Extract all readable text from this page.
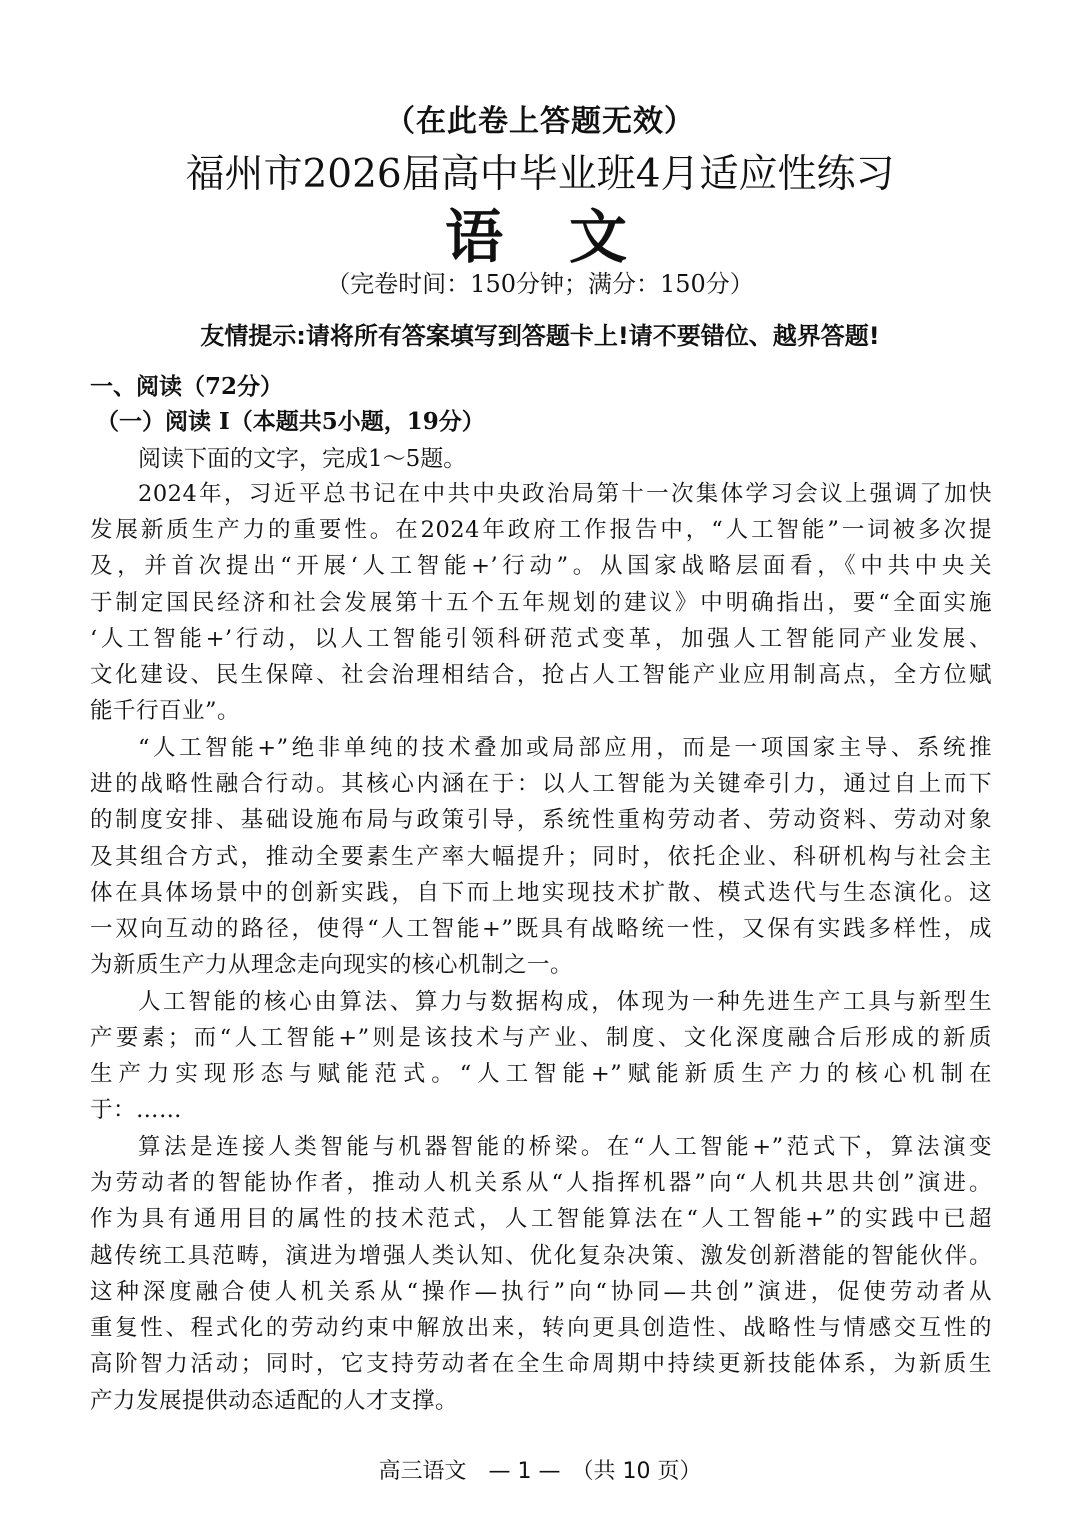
（在此卷上答题无效）
福州市2026届高中毕业班4月适应性练习
语 文
（完卷时间：150分钟；满分：150分）
友情提示:请将所有答案填写到答题卡上!请不要错位、越界答题!
一、阅读（72分）
（一）阅读 I（本题共5小题，19分）
阅读下面的文字，完成1～5题。
2024年，习近平总书记在中共中央政治局第十一次集体学习会议上强调了加快
发展新质生产力的重要性。在2024年政府工作报告中，“人工智能”一词被多次提
及，并首次提出“开展‘人工智能+’行动”。从国家战略层面看，《中共中央关
于制定国民经济和社会发展第十五个五年规划的建议》中明确指出，要“全面实施
‘人工智能+’行动，以人工智能引领科研范式变革，加强人工智能同产业发展、
文化建设、民生保障、社会治理相结合，抢占人工智能产业应用制高点，全方位赋
能千行百业”。
“人工智能+”绝非单纯的技术叠加或局部应用，而是一项国家主导、系统推
进的战略性融合行动。其核心内涵在于：以人工智能为关键牵引力，通过自上而下
的制度安排、基础设施布局与政策引导，系统性重构劳动者、劳动资料、劳动对象
及其组合方式，推动全要素生产率大幅提升；同时，依托企业、科研机构与社会主
体在具体场景中的创新实践，自下而上地实现技术扩散、模式迭代与生态演化。这
一双向互动的路径，使得“人工智能+”既具有战略统一性，又保有实践多样性，成
为新质生产力从理念走向现实的核心机制之一。
人工智能的核心由算法、算力与数据构成，体现为一种先进生产工具与新型生
产要素；而“人工智能+”则是该技术与产业、制度、文化深度融合后形成的新质
生产力实现形态与赋能范式。“人工智能+”赋能新质生产力的核心机制在
于：……
算法是连接人类智能与机器智能的桥梁。在“人工智能+”范式下，算法演变
为劳动者的智能协作者，推动人机关系从“人指挥机器”向“人机共思共创”演进。
作为具有通用目的属性的技术范式，人工智能算法在“人工智能+”的实践中已超
越传统工具范畴，演进为增强人类认知、优化复杂决策、激发创新潜能的智能伙伴。
这种深度融合使人机关系从“操作—执行”向“协同—共创”演进，促使劳动者从
重复性、程式化的劳动约束中解放出来，转向更具创造性、战略性与情感交互性的
高阶智力活动；同时，它支持劳动者在全生命周期中持续更新技能体系，为新质生
产力发展提供动态适配的人才支撑。
高三语文　— 1 —　（共 10 页）
